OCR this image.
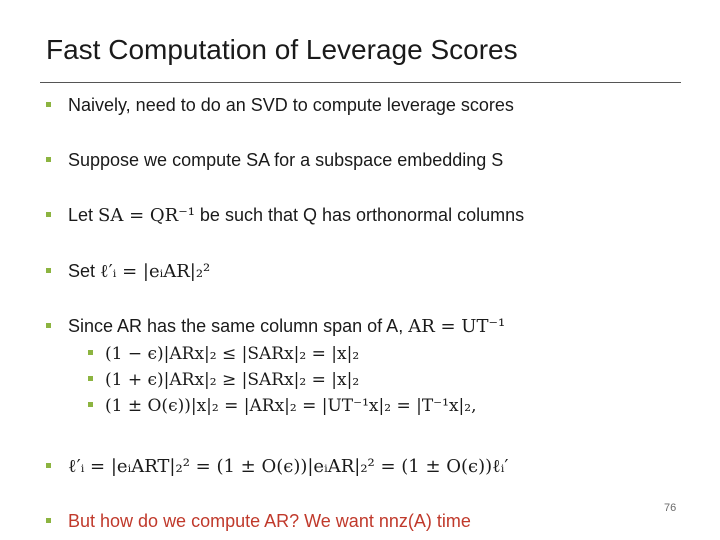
Fast Computation of Leverage Scores
Naively, need to do an SVD to compute leverage scores
Suppose we compute SA for a subspace embedding S
Let SA = QR⁻¹ be such that Q has orthonormal columns
Set ℓ′ᵢ = |eᵢAR|₂²
Since AR has the same column span of A, AR = UT⁻¹
(1 − ϵ)|ARx|₂ ≤ |SARx|₂ = |x|₂
(1 + ϵ)|ARx|₂ ≥ |SARx|₂ = |x|₂
(1 ± O(ϵ))|x|₂ = |ARx|₂ = |UT⁻¹x|₂ = |T⁻¹x|₂,
ℓ′ᵢ = |eᵢART|₂² = (1 ± O(ϵ))|eᵢAR|₂² = (1 ± O(ϵ))ℓᵢ′
But how do we compute AR? We want nnz(A) time
76
